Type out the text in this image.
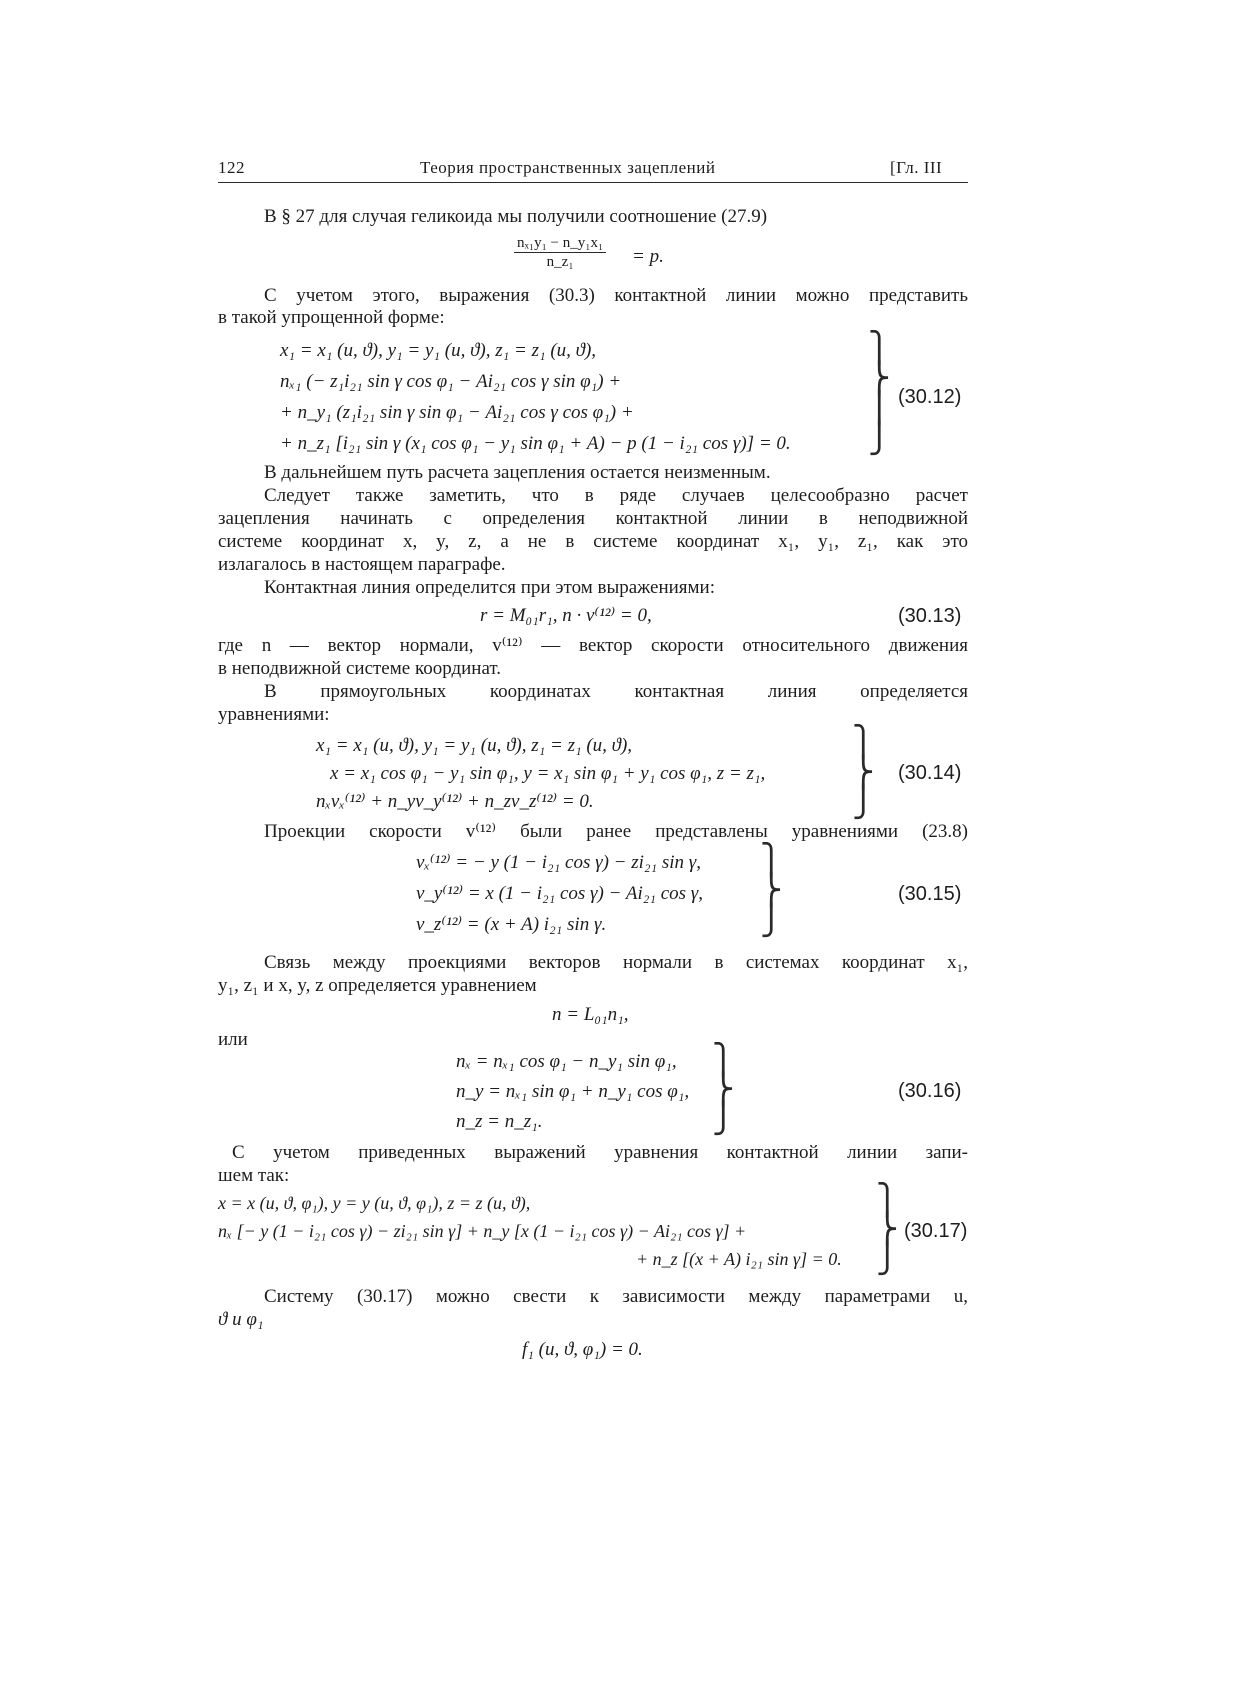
122	Теория пространственных зацеплений	[Гл. III
В § 27 для случая геликоида мы получили соотношение (27.9)
$\frac{\text{nₓ₁y₁ − n\_y₁x₁}}{\text{n\_z₁}} = p$.
С учетом этого, выражения (30.3) контактной линии можно представить
в такой упрощенной форме:
x₁ = x₁ (u, ϑ), y₁ = y₁ (u, ϑ), z₁ = z₁ (u, ϑ),
nₓ₁ (− z₁i₂₁ sin γ cos φ₁ − Ai₂₁ cos γ sin φ₁) +
+ n_y₁ (z₁i₂₁ sin γ sin φ₁ − Ai₂₁ cos γ cos φ₁) +
+ n_z₁ [i₂₁ sin γ (x₁ cos φ₁ − y₁ sin φ₁ + A) − p (1 − i₂₁ cos γ)] = 0.
⎫
⎬
⎪
⎭
(30.12)
В дальнейшем путь расчета зацепления остается неизменным.
Следует также заметить, что в ряде случаев целесообразно расчет
зацепления начинать с определения контактной линии в неподвижной
системе координат x, y, z, а не в системе координат x₁, y₁, z₁, как это
излагалось в настоящем параграфе.
Контактная линия определится при этом выражениями:
r = M₀₁r₁, n · v⁽¹²⁾ = 0,	(30.13)
где n — вектор нормали, v⁽¹²⁾ — вектор скорости относительного движения
в неподвижной системе координат.
В прямоугольных координатах контактная линия определяется
уравнениями:
x₁ = x₁ (u, ϑ), y₁ = y₁ (u, ϑ), z₁ = z₁ (u, ϑ),
x = x₁ cos φ₁ − y₁ sin φ₁, y = x₁ sin φ₁ + y₁ cos φ₁, z = z₁,
nₓvₓ⁽¹²⁾ + n_yv_y⁽¹²⁾ + n_zv_z⁽¹²⁾ = 0.
⎫
⎬
⎭
(30.14)
Проекции скорости v⁽¹²⁾ были ранее представлены уравнениями (23.8)
vₓ⁽¹²⁾ = − y (1 − i₂₁ cos γ) − zi₂₁ sin γ,
v_y⁽¹²⁾ = x (1 − i₂₁ cos γ) − Ai₂₁ cos γ,
v_z⁽¹²⁾ = (x + A) i₂₁ sin γ.
⎫
⎬
⎭
(30.15)
Связь между проекциями векторов нормали в системах координат x₁,
y₁, z₁ и x, y, z определяется уравнением
n = L₀₁n₁,
или
nₓ = nₓ₁ cos φ₁ − n_y₁ sin φ₁,
n_y = nₓ₁ sin φ₁ + n_y₁ cos φ₁,
n_z = n_z₁.
⎫
⎬
⎭
(30.16)
С учетом приведенных выражений уравнения контактной линии запи-
шем так:
x = x (u, ϑ, φ₁), y = y (u, ϑ, φ₁), z = z (u, ϑ),
nₓ [− y (1 − i₂₁ cos γ) − zi₂₁ sin γ] + n_y [x (1 − i₂₁ cos γ) − Ai₂₁ cos γ] +
+ n_z [(x + A) i₂₁ sin γ] = 0.
⎫
⎬
⎭
(30.17)
Систему (30.17) можно свести к зависимости между параметрами u,
ϑ и φ₁
f₁ (u, ϑ, φ₁) = 0.
